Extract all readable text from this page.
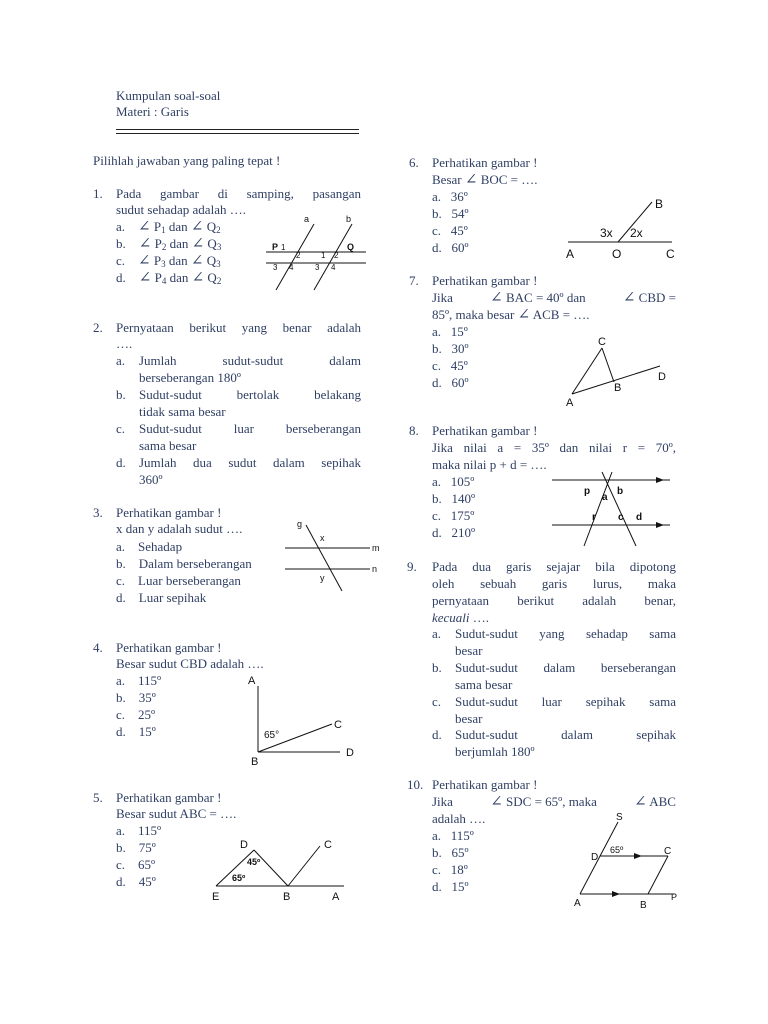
Kumpulan soal-soal
Materi : Garis
Pilihlah jawaban yang paling tepat !
1. Pada gambar di samping, pasangan
sudut sehadap adalah ….
a. ∠ $P_1$ dan ∠ $Q_2$
b. ∠ $P_2$ dan ∠ $Q_3$
c. ∠ $P_3$ dan ∠ $Q_3$
d. ∠ $P_4$ dan ∠ $Q_2$
a	b
P	Q
1
2	1 2
3 4	3 4
2. Pernyataan berikut yang benar adalah
….
a. Jumlah sudut-sudut dalam
berseberangan 180º
b. Sudut-sudut bertolak belakang
tidak sama besar
c. Sudut-sudut luar berseberangan
sama besar
d. Jumlah dua sudut dalam sepihak
360º
3. Perhatikan gambar !
x dan y adalah sudut ….
a. Sehadap
b. Dalam berseberangan
c. Luar berseberangan
d. Luar sepihak
g
x
y
m
n
4. Perhatikan gambar !
Besar sudut CBD adalah ….
a. 115º
b. 35º
c. 25º
d. 15º
A
B
C
D
65°
5. Perhatikan gambar !
Besar sudut ABC = ….
a. 115º
b. 75º
c. 65º
d. 45º
D	C
E	B	A
45º
65º
6. Perhatikan gambar !
Besar ∠ BOC = ….
a. 36º
b. 54º
c. 45º
d. 60º
B
3x 2x
A	O	C
7. Perhatikan gambar !
Jika ∠ BAC = 40º dan ∠ CBD =
85º, maka besar ∠ ACB = ….
a. 15º
b. 30º
c. 45º
d. 60º
C
A
B
D
8. Perhatikan gambar !
Jika nilai a = 35º dan nilai r = 70º,
maka nilai p + d = ….
a. 105º
b. 140º
c. 175º
d. 210º
p
a
b
r c d
9. Pada dua garis sejajar bila dipotong
oleh sebuah garis lurus, maka
pernyataan berikut adalah benar,
kecuali ….
a. Sudut-sudut yang sehadap sama
besar
b. Sudut-sudut dalam berseberangan
sama besar
c. Sudut-sudut luar sepihak sama
besar
d. Sudut-sudut dalam sepihak
berjumlah 180º
10. Perhatikan gambar !
Jika ∠ SDC = 65º, maka ∠ ABC
adalah ….
a. 115º
b. 65º
c. 18º
d. 15º
S
D
65º	C
A	B
P
